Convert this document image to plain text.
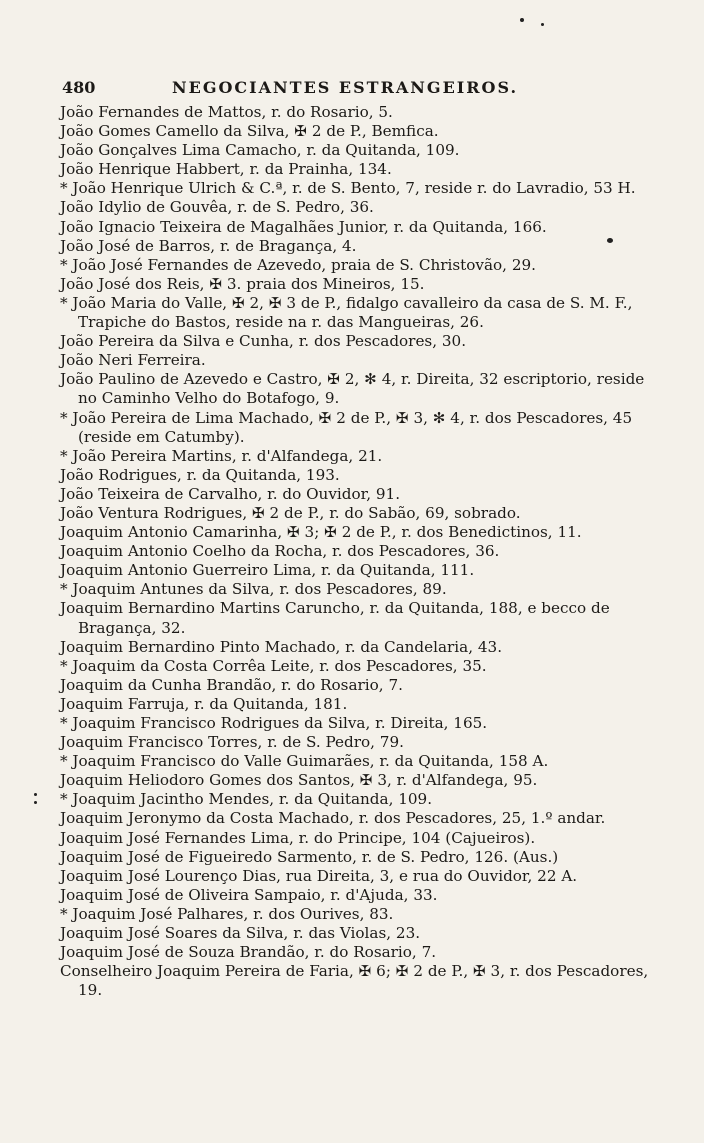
480	NEGOCIANTES ESTRANGEIROS.

João Fernandes de Mattos, r. do Rosario, 5.

João Gomes Camello da Silva, ✠ 2 de P., Bemfica.

João Gonçalves Lima Camacho, r. da Quitanda, 109.

João Henrique Habbert, r. da Prainha, 134.

* João Henrique Ulrich & C.ª, r. de S. Bento, 7, reside r. do Lavradio, 53 H.

João Idylio de Gouvêa, r. de S. Pedro, 36.

João Ignacio Teixeira de Magalhães Junior, r. da Quitanda, 166.

João José de Barros, r. de Bragança, 4.

* João José Fernandes de Azevedo, praia de S. Christovão, 29.

João José dos Reis, ✠ 3. praia dos Mineiros, 15.

* João Maria do Valle, ✠ 2, ✠ 3 de P., fidalgo cavalleiro da casa de S. M. F., Trapiche do Bastos, reside na r. das Mangueiras, 26.

João Pereira da Silva e Cunha, r. dos Pescadores, 30.

João Neri Ferreira.

João Paulino de Azevedo e Castro, ✠ 2, ✻ 4, r. Direita, 32 escriptorio, reside no Caminho Velho do Botafogo, 9.

* João Pereira de Lima Machado, ✠ 2 de P., ✠ 3, ✻ 4, r. dos Pescadores, 45 (reside em Catumby).

* João Pereira Martins, r. d'Alfandega, 21.

João Rodrigues, r. da Quitanda, 193.

João Teixeira de Carvalho, r. do Ouvidor, 91.

João Ventura Rodrigues, ✠ 2 de P., r. do Sabão, 69, sobrado.

Joaquim Antonio Camarinha, ✠ 3; ✠ 2 de P., r. dos Benedictinos, 11.

Joaquim Antonio Coelho da Rocha, r. dos Pescadores, 36.

Joaquim Antonio Guerreiro Lima, r. da Quitanda, 111.

* Joaquim Antunes da Silva, r. dos Pescadores, 89.

Joaquim Bernardino Martins Caruncho, r. da Quitanda, 188, e becco de Bragança, 32.

Joaquim Bernardino Pinto Machado, r. da Candelaria, 43.

* Joaquim da Costa Corrêa Leite, r. dos Pescadores, 35.

Joaquim da Cunha Brandão, r. do Rosario, 7.

Joaquim Farruja, r. da Quitanda, 181.

* Joaquim Francisco Rodrigues da Silva, r. Direita, 165.

Joaquim Francisco Torres, r. de S. Pedro, 79.

* Joaquim Francisco do Valle Guimarães, r. da Quitanda, 158 A.

Joaquim Heliodoro Gomes dos Santos, ✠ 3, r. d'Alfandega, 95.

* Joaquim Jacintho Mendes, r. da Quitanda, 109.

Joaquim Jeronymo da Costa Machado, r. dos Pescadores, 25, 1.º andar.

Joaquim José Fernandes Lima, r. do Principe, 104 (Cajueiros).

Joaquim José de Figueiredo Sarmento, r. de S. Pedro, 126. (Aus.)

Joaquim José Lourenço Dias, rua Direita, 3, e rua do Ouvidor, 22 A.

Joaquim José de Oliveira Sampaio, r. d'Ajuda, 33.

* Joaquim José Palhares, r. dos Ourives, 83.

Joaquim José Soares da Silva, r. das Violas, 23.

Joaquim José de Souza Brandão, r. do Rosario, 7.

Conselheiro Joaquim Pereira de Faria, ✠ 6; ✠ 2 de P., ✠ 3, r. dos Pescadores, 19.
